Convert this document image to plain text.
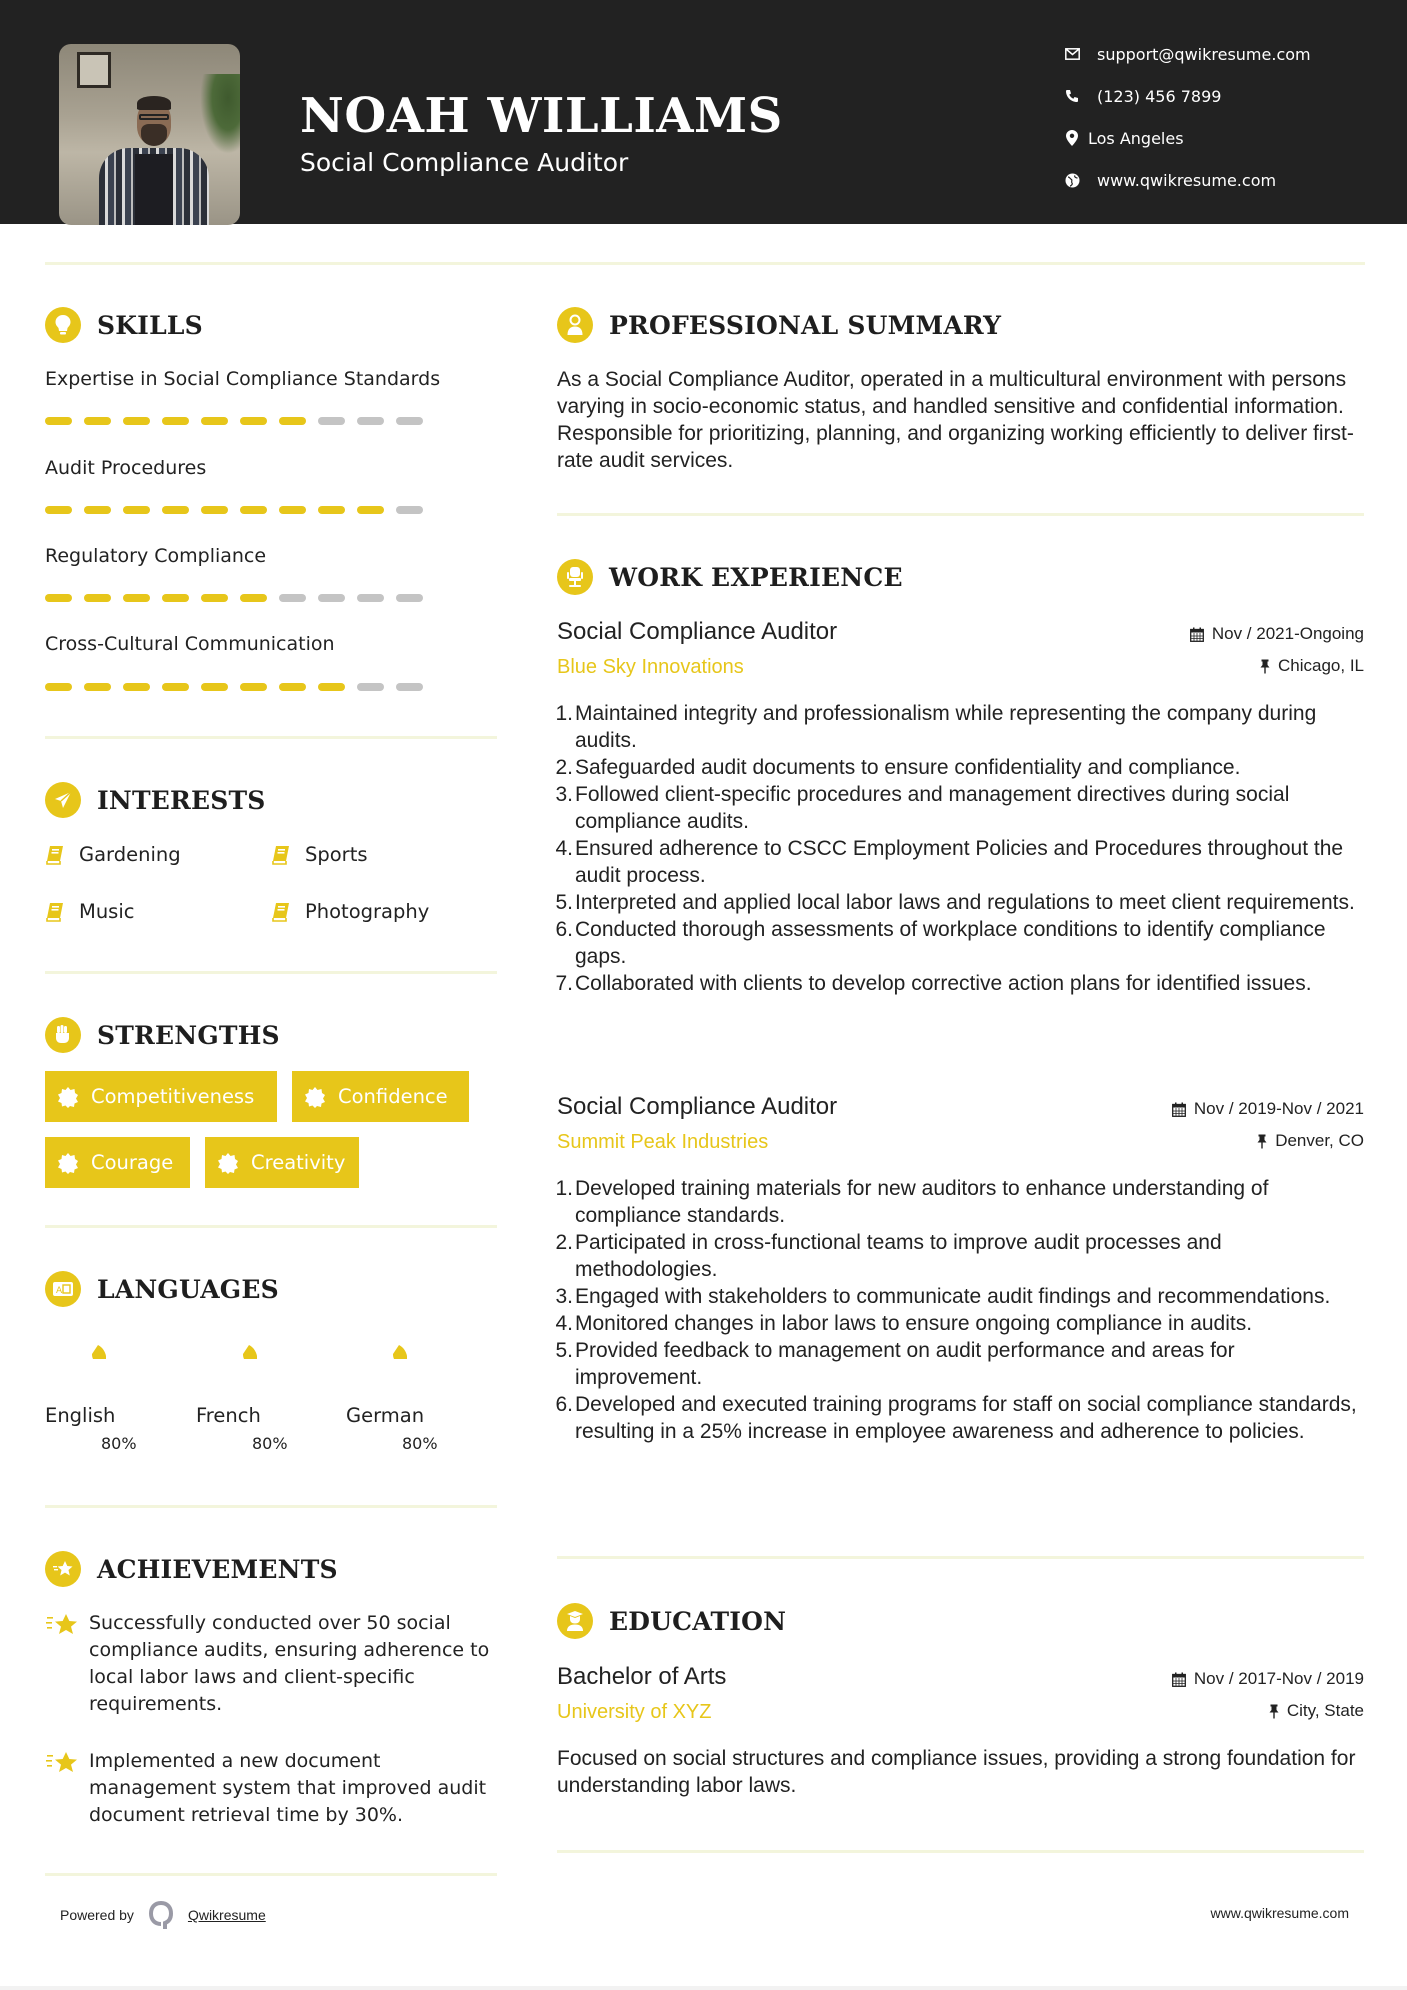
NOAH WILLIAMS
Social Compliance Auditor
support@qwikresume.com
(123) 456 7899
Los Angeles
www.qwikresume.com
SKILLS
Expertise in Social Compliance Standards
Audit Procedures
Regulatory Compliance
Cross-Cultural Communication
INTERESTS
Gardening	Sports
Music	Photography
STRENGTHS
Competitiveness	Confidence
Courage	Creativity
A LANGUAGES
English
80%
French
80%
German
80%
ACHIEVEMENTS
Successfully conducted over 50 social compliance audits, ensuring adherence to local labor laws and client-specific requirements.
Implemented a new document management system that improved audit document retrieval time by 30%.
PROFESSIONAL SUMMARY
As a Social Compliance Auditor, operated in a multicultural environment with persons varying in socio-economic status, and handled sensitive and confidential information. Responsible for prioritizing, planning, and organizing working efficiently to deliver first-rate audit services.
WORK EXPERIENCE
Social Compliance Auditor
Blue Sky Innovations
Nov / 2021-Ongoing
Chicago, IL
1. Maintained integrity and professionalism while representing the company during audits.
2. Safeguarded audit documents to ensure confidentiality and compliance.
3. Followed client-specific procedures and management directives during social compliance audits.
4. Ensured adherence to CSCC Employment Policies and Procedures throughout the audit process.
5. Interpreted and applied local labor laws and regulations to meet client requirements.
6. Conducted thorough assessments of workplace conditions to identify compliance gaps.
7. Collaborated with clients to develop corrective action plans for identified issues.
Social Compliance Auditor
Summit Peak Industries
Nov / 2019-Nov / 2021
Denver, CO
1. Developed training materials for new auditors to enhance understanding of compliance standards.
2. Participated in cross-functional teams to improve audit processes and methodologies.
3. Engaged with stakeholders to communicate audit findings and recommendations.
4. Monitored changes in labor laws to ensure ongoing compliance in audits.
5. Provided feedback to management on audit performance and areas for improvement.
6. Developed and executed training programs for staff on social compliance standards, resulting in a 25% increase in employee awareness and adherence to policies.
EDUCATION
Bachelor of Arts
University of XYZ
Nov / 2017-Nov / 2019
City, State
Focused on social structures and compliance issues, providing a strong foundation for understanding labor laws.
Powered by	Qwikresume	www.qwikresume.com
